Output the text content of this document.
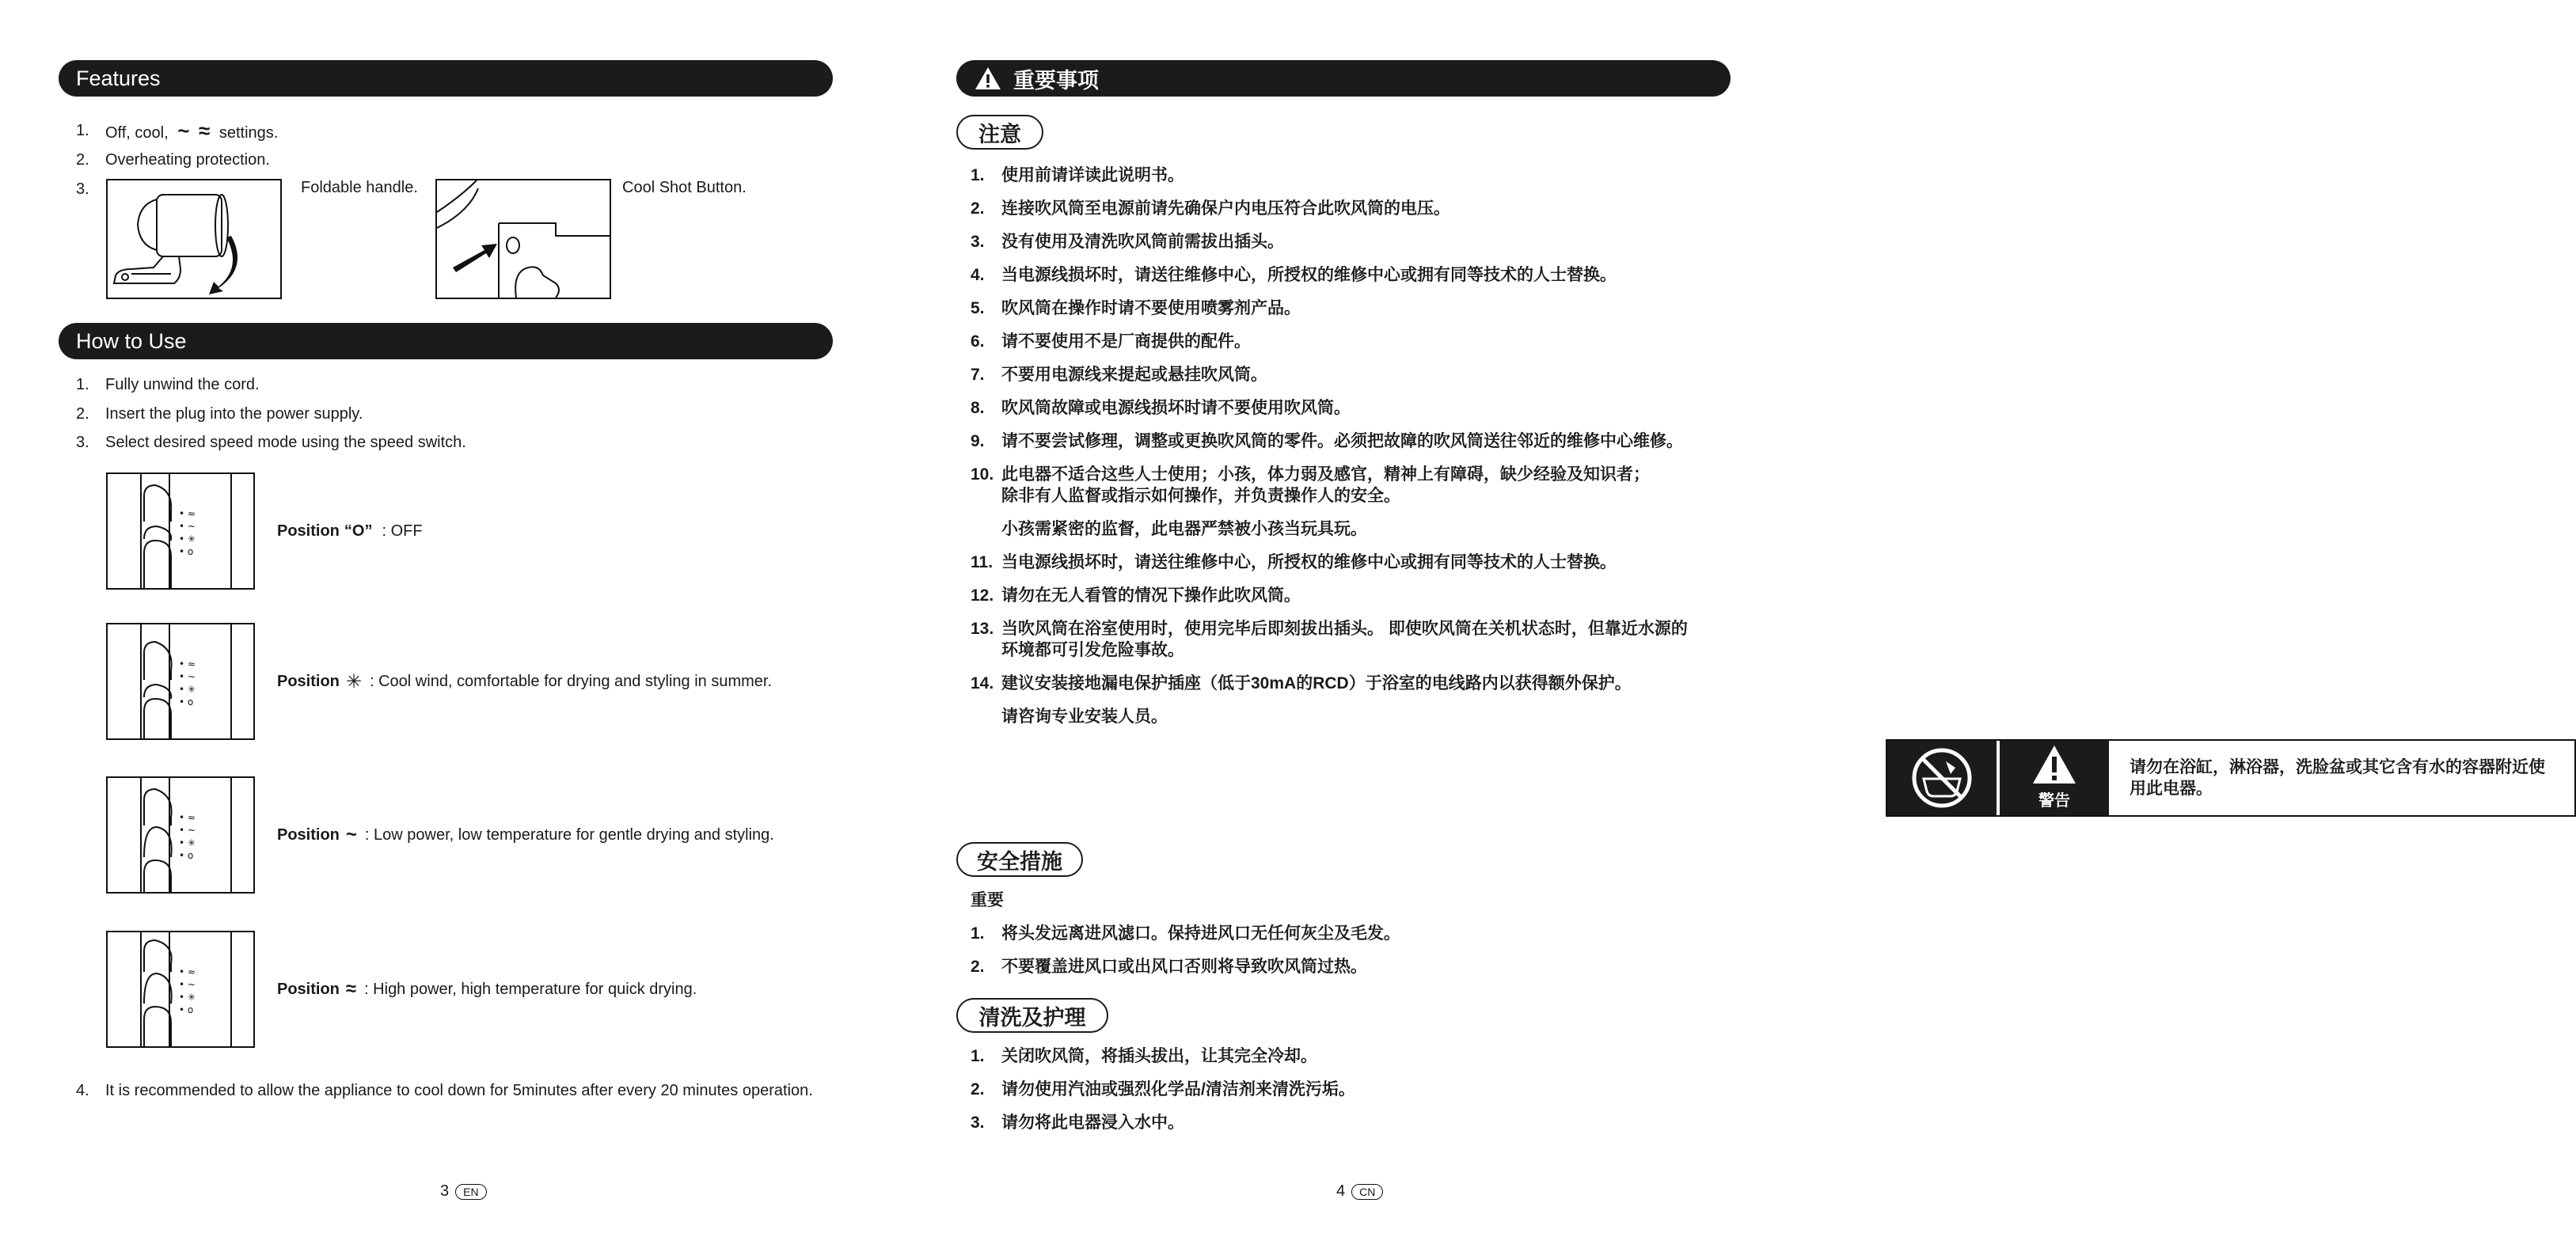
Features
1. Off, cool, ~ ≈ settings.
2. Overheating protection.
3.	Foldable handle.	Cool Shot Button.
How to Use
1. Fully unwind the cord.
2. Insert the plug into the power supply.
3. Select desired speed mode using the speed switch.
• ≈
• ~
• ✳
• o
Position “O” : OFF
• ≈
• ~
• ✳
• o
Position ✳ : Cool wind, comfortable for drying and styling in summer.
• ≈
• ~
• ✳
• o
Position ~ : Low power, low temperature for gentle drying and styling.
• ≈
• ~
• ✳
• o
Position ≈ : High power, high temperature for quick drying.
4. It is recommended to allow the appliance to cool down for 5minutes after every 20 minutes operation.
3	EN
重要事项
注意
1. 使用前请详读此说明书。
2. 连接吹风筒至电源前请先确保户内电压符合此吹风筒的电压。
3. 没有使用及清洗吹风筒前需拔出插头。
4. 当电源线损坏时，请送往维修中心，所授权的维修中心或拥有同等技术的人士替换。
5. 吹风筒在操作时请不要使用喷雾剂产品。
6. 请不要使用不是厂商提供的配件。
7. 不要用电源线来提起或悬挂吹风筒。
8. 吹风筒故障或电源线损坏时请不要使用吹风筒。
9. 请不要尝试修理，调整或更换吹风筒的零件。必须把故障的吹风筒送往邻近的维修中心维修。
10. 此电器不适合这些人士使用；小孩，体力弱及感官，精神上有障碍，缺少经验及知识者；
除非有人监督或指示如何操作，并负责操作人的安全。
小孩需紧密的监督，此电器严禁被小孩当玩具玩。
11. 当电源线损坏时，请送往维修中心，所授权的维修中心或拥有同等技术的人士替换。
12. 请勿在无人看管的情况下操作此吹风筒。
13. 当吹风筒在浴室使用时，使用完毕后即刻拔出插头。 即使吹风筒在关机状态时，但靠近水源的
环境都可引发危险事故。
14. 建议安装接地漏电保护插座（低于30mA的RCD）于浴室的电线路内以获得额外保护。
请咨询专业安装人员。
警告
请勿在浴缸，淋浴器，洗脸盆或其它含有水的容器附近使用此电器。
安全措施
重要
1. 将头发远离进风滤口。保持进风口无任何灰尘及毛发。
2. 不要覆盖进风口或出风口否则将导致吹风筒过热。
清洗及护理
1. 关闭吹风筒，将插头拔出，让其完全冷却。
2. 请勿使用汽油或强烈化学品/清洁剂来清洗污垢。
3. 请勿将此电器浸入水中。
4	CN
